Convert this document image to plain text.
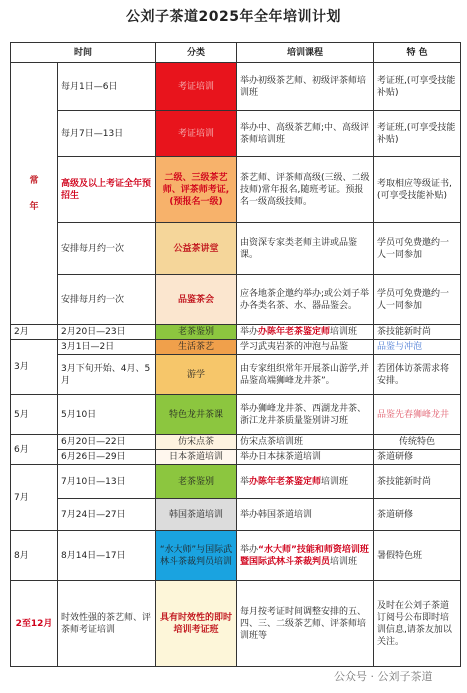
公刘子茶道2025年全年培训计划
时间		分类	培训课程	特 色

常
年	每月1日—6日	考证培训	举办初级茶艺师、初级评茶师培训班	考证班,(可享受技能补贴)
	每月7日—13日	考证培训	举办中、高级茶艺师;中、高级评茶师培训班	考证班,(可享受技能补贴)
	高级及以上考证全年预招生	二级、三级茶艺师、评茶师考证,(预报名一级)	茶艺师、评茶师高级(三级、二级技师)常年报名,随班考证。预报名一级高级技师。	考取相应等级证书,(可享受技能补贴)
	安排每月约一次	公益茶讲堂	由资深专家类老师主讲或品鉴课。	学员可免费邀约一人一同参加
	安排每月约一次	品鉴茶会	应各地茶企邀约举办;或公刘子举办各类名茶、水、器品鉴会。	学员可免费邀约一人一同参加
2月	2月20日—23日	老茶鉴别	举办办陈年老茶鉴定师培训班	茶技能新时尚
3月	3月1日—2日	生活茶艺	学习武夷岩茶的冲泡与品鉴	品鉴与冲泡
	3月下旬开始、4月、5月	游学	由专家组织常年开展茶山游学,并品鉴高端狮峰龙井茶”。	若团体访茶需求将安排。
5月	5月10日	特色龙井茶课	举办狮峰龙井茶、西湖龙井茶、浙江龙井茶质量鉴别讲习班	品鉴先春狮峰龙井
6月	6月20日—22日	仿宋点茶	仿宋点茶培训班	传统特色
	6月26日—29日	日本茶道培训	举办日本抹茶道培训	茶道研修
7月	7月10日—13日	老茶鉴别	举办陈年老茶鉴定师培训班	茶技能新时尚
	7月24日—27日	韩国茶道培训	举办韩国茶道培训	茶道研修
8月	8月14日—17日	“水大师”与国际武林斗茶裁判员培训	举办“水大师”技能和师资培训班暨国际武林斗茶裁判员培训班	暑假特色班
2至12月	时效性强的茶艺师、评茶师考证培训	具有时效性的即时培训考证班	每月按考证时间调整安排的五、四、三、二级茶艺师、评茶师培训班等	及时在公刘子茶道订阅号公布即时培训信息,请茶友加以关注。
公众号 · 公刘子茶道
